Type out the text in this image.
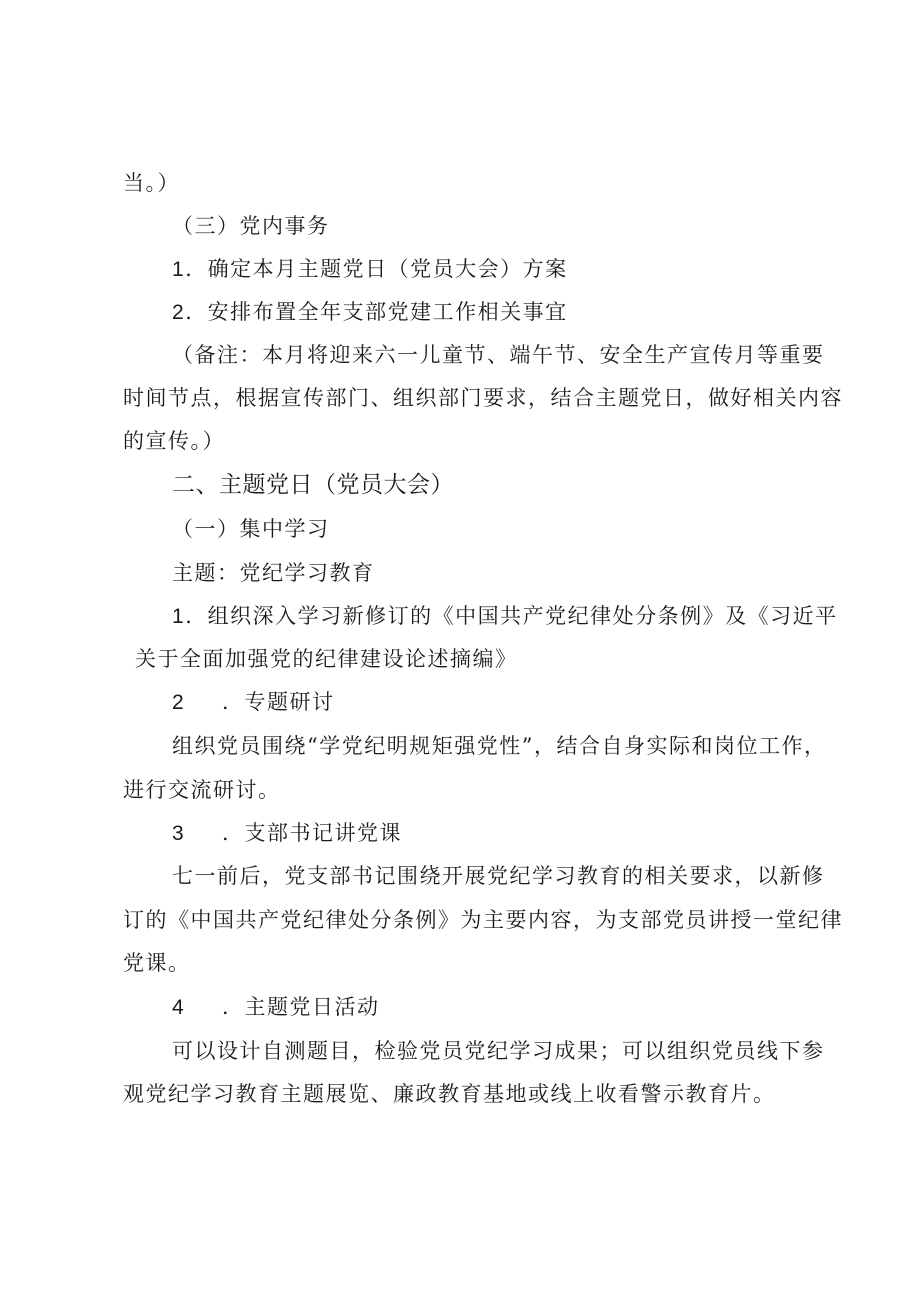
当。）
（三）党内事务
1．确定本月主题党日（党员大会）方案
2．安排布置全年支部党建工作相关事宜
（备注：本月将迎来六一儿童节、端午节、安全生产宣传月等重要
时间节点，根据宣传部门、组织部门要求，结合主题党日，做好相关内容
的宣传。）
二、主题党日（党员大会）
（一）集中学习
主题：党纪学习教育
1．组织深入学习新修订的《中国共产党纪律处分条例》及《习近平
关于全面加强党的纪律建设论述摘编》
2 ．专题研讨
组织党员围绕“学党纪明规矩强党性”，结合自身实际和岗位工作，
进行交流研讨。
3 ．支部书记讲党课
七一前后，党支部书记围绕开展党纪学习教育的相关要求，以新修
订的《中国共产党纪律处分条例》为主要内容，为支部党员讲授一堂纪律
党课。
4 ．主题党日活动
可以设计自测题目，检验党员党纪学习成果；可以组织党员线下参
观党纪学习教育主题展览、廉政教育基地或线上收看警示教育片。
